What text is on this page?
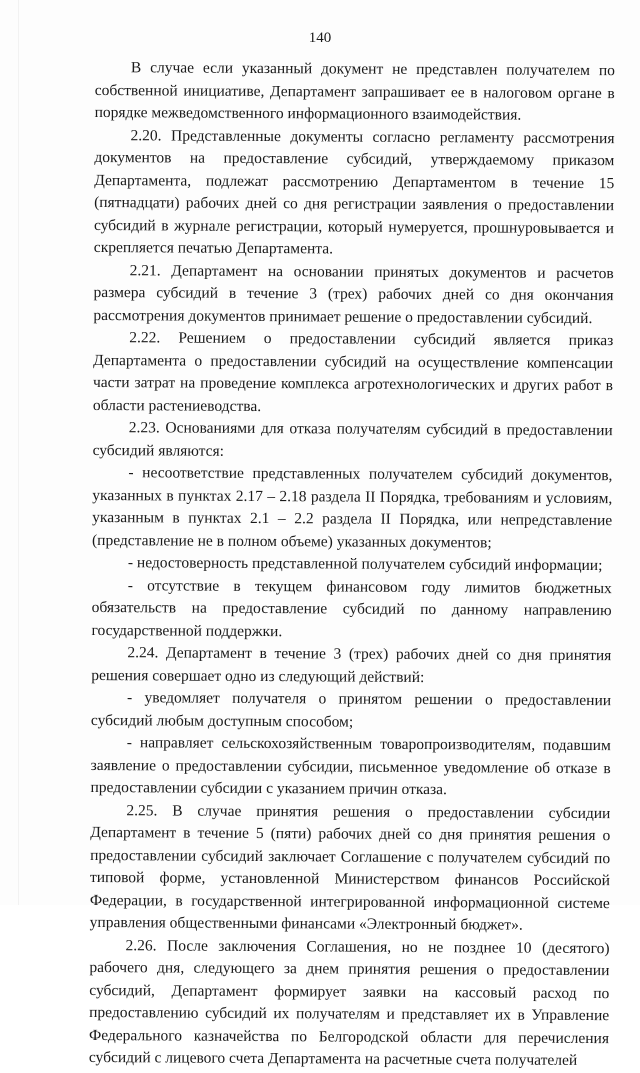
140

В случае если указанный документ не представлен получателем по собственной инициативе, Департамент запрашивает ее в налоговом органе в порядке межведомственного информационного взаимодействия.

2.20. Представленные документы согласно регламенту рассмотрения документов на предоставление субсидий, утверждаемому приказом Департамента, подлежат рассмотрению Департаментом в течение 15 (пятнадцати) рабочих дней со дня регистрации заявления о предоставлении субсидий в журнале регистрации, который нумеруется, прошнуровывается и скрепляется печатью Департамента.

2.21. Департамент на основании принятых документов и расчетов размера субсидий в течение 3 (трех) рабочих дней со дня окончания рассмотрения документов принимает решение о предоставлении субсидий.

2.22. Решением о предоставлении субсидий является приказ Департамента о предоставлении субсидий на осуществление компенсации части затрат на проведение комплекса агротехнологических и других работ в области растениеводства.

2.23. Основаниями для отказа получателям субсидий в предоставлении субсидий являются:

- несоответствие представленных получателем субсидий документов, указанных в пунктах 2.17 – 2.18 раздела II Порядка, требованиям и условиям, указанным в пунктах 2.1 – 2.2 раздела II Порядка, или непредставление (представление не в полном объеме) указанных документов;

- недостоверность представленной получателем субсидий информации;

- отсутствие в текущем финансовом году лимитов бюджетных обязательств на предоставление субсидий по данному направлению государственной поддержки.

2.24. Департамент в течение 3 (трех) рабочих дней со дня принятия решения совершает одно из следующий действий:

- уведомляет получателя о принятом решении о предоставлении субсидий любым доступным способом;

- направляет сельскохозяйственным товаропроизводителям, подавшим заявление о предоставлении субсидии, письменное уведомление об отказе в предоставлении субсидии с указанием причин отказа.

2.25. В случае принятия решения о предоставлении субсидии Департамент в течение 5 (пяти) рабочих дней со дня принятия решения о предоставлении субсидий заключает Соглашение с получателем субсидий по типовой форме, установленной Министерством финансов Российской Федерации, в государственной интегрированной информационной системе управления общественными финансами «Электронный бюджет».

2.26. После заключения Соглашения, но не позднее 10 (десятого) рабочего дня, следующего за днем принятия решения о предоставлении субсидий, Департамент формирует заявки на кассовый расход по предоставлению субсидий их получателям и представляет их в Управление Федерального казначейства по Белгородской области для перечисления субсидий с лицевого счета Департамента на расчетные счета получателей
